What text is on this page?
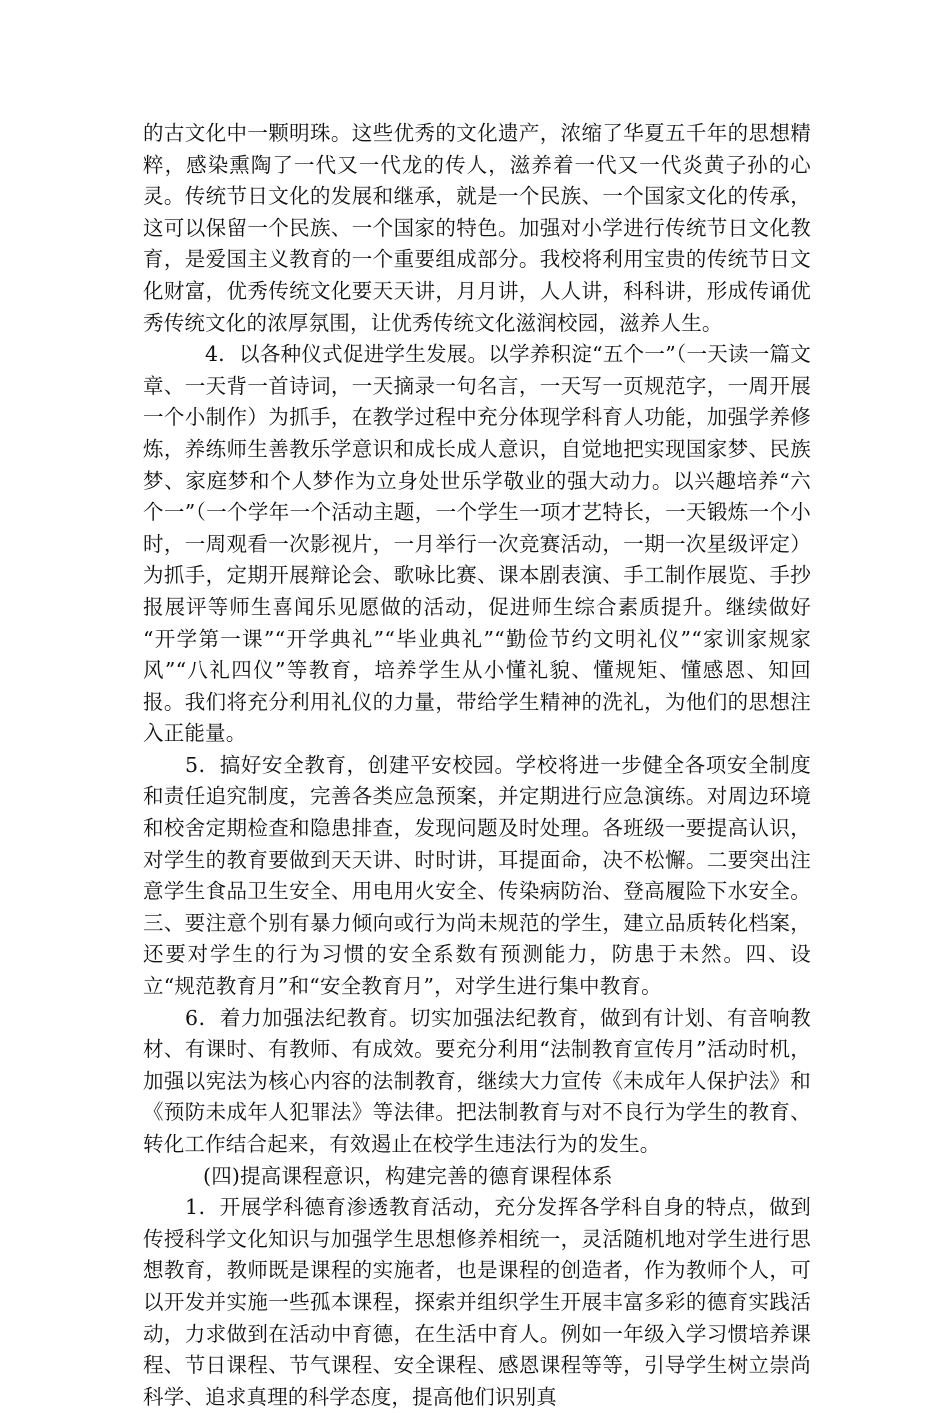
的古文化中一颗明珠。这些优秀的文化遗产，浓缩了华夏五千年的思想精粹，感染熏陶了一代又一代龙的传人，滋养着一代又一代炎黄子孙的心灵。传统节日文化的发展和继承，就是一个民族、一个国家文化的传承，这可以保留一个民族、一个国家的特色。加强对小学进行传统节日文化教育，是爱国主义教育的一个重要组成部分。我校将利用宝贵的传统节日文化财富，优秀传统文化要天天讲，月月讲，人人讲，科科讲，形成传诵优秀传统文化的浓厚氛围，让优秀传统文化滋润校园，滋养人生。

4．以各种仪式促进学生发展。以学养积淀“五个一”（一天读一篇文章、一天背一首诗词，一天摘录一句名言，一天写一页规范字，一周开展一个小制作）为抓手，在教学过程中充分体现学科育人功能，加强学养修炼，养练师生善教乐学意识和成长成人意识，自觉地把实现国家梦、民族梦、家庭梦和个人梦作为立身处世乐学敬业的强大动力。以兴趣培养“六个一”（一个学年一个活动主题，一个学生一项才艺特长，一天锻炼一个小时，一周观看一次影视片，一月举行一次竞赛活动，一期一次星级评定）为抓手，定期开展辩论会、歌咏比赛、课本剧表演、手工制作展览、手抄报展评等师生喜闻乐见愿做的活动，促进师生综合素质提升。继续做好 “开学第一课”“开学典礼”“毕业典礼”“勤俭节约文明礼仪”“家训家规家风”“八礼四仪”等教育，培养学生从小懂礼貌、懂规矩、懂感恩、知回报。我们将充分利用礼仪的力量，带给学生精神的洗礼，为他们的思想注入正能量。

5．搞好安全教育，创建平安校园。学校将进一步健全各项安全制度和责任追究制度，完善各类应急预案，并定期进行应急演练。对周边环境和校舍定期检查和隐患排查，发现问题及时处理。各班级一要提高认识，对学生的教育要做到天天讲、时时讲，耳提面命，决不松懈。二要突出注意学生食品卫生安全、用电用火安全、传染病防治、登高履险下水安全。三、要注意个别有暴力倾向或行为尚未规范的学生，建立品质转化档案，还要对学生的行为习惯的安全系数有预测能力，防患于未然。四、设立“规范教育月”和“安全教育月”，对学生进行集中教育。

6．着力加强法纪教育。切实加强法纪教育，做到有计划、有音响教材、有课时、有教师、有成效。要充分利用“法制教育宣传月”活动时机，加强以宪法为核心内容的法制教育，继续大力宣传《未成年人保护法》和《预防未成年人犯罪法》等法律。把法制教育与对不良行为学生的教育、转化工作结合起来，有效遏止在校学生违法行为的发生。

(四)提高课程意识，构建完善的德育课程体系

1．开展学科德育渗透教育活动，充分发挥各学科自身的特点，做到传授科学文化知识与加强学生思想修养相统一，灵活随机地对学生进行思想教育，教师既是课程的实施者，也是课程的创造者，作为教师个人，可以开发并实施一些孤本课程，探索并组织学生开展丰富多彩的德育实践活动，力求做到在活动中育德，在生活中育人。例如一年级入学习惯培养课程、节日课程、节气课程、安全课程、感恩课程等等，引导学生树立崇尚科学、追求真理的科学态度，提高他们识别真
